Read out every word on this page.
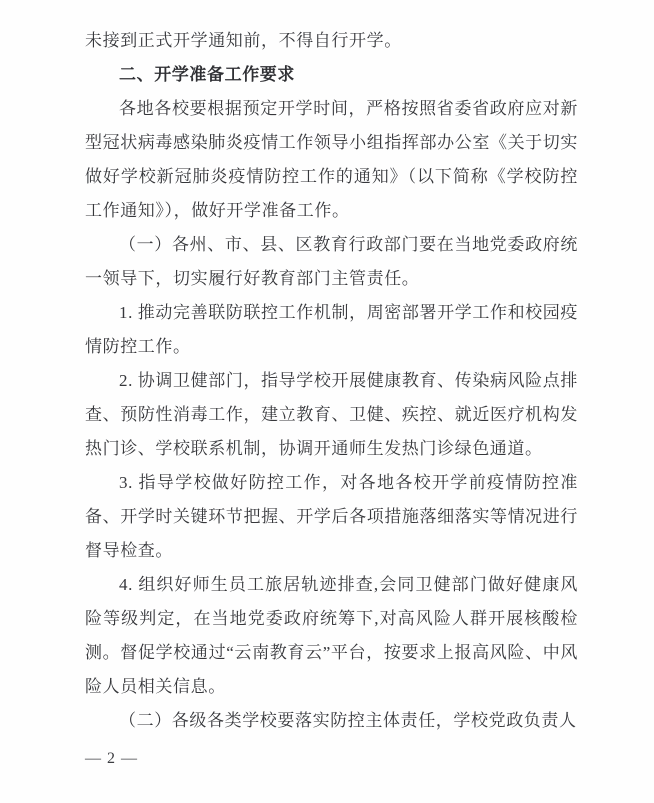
未接到正式开学通知前，不得自行开学。

二、开学准备工作要求

各地各校要根据预定开学时间，严格按照省委省政府应对新型冠状病毒感染肺炎疫情工作领导小组指挥部办公室《关于切实做好学校新冠肺炎疫情防控工作的通知》（以下简称《学校防控工作通知》），做好开学准备工作。

（一）各州、市、县、区教育行政部门要在当地党委政府统一领导下，切实履行好教育部门主管责任。

1. 推动完善联防联控工作机制，周密部署开学工作和校园疫情防控工作。

2. 协调卫健部门，指导学校开展健康教育、传染病风险点排查、预防性消毒工作，建立教育、卫健、疾控、就近医疗机构发热门诊、学校联系机制，协调开通师生发热门诊绿色通道。

3. 指导学校做好防控工作，对各地各校开学前疫情防控准备、开学时关键环节把握、开学后各项措施落细落实等情况进行督导检查。

4. 组织好师生员工旅居轨迹排查,会同卫健部门做好健康风险等级判定，在当地党委政府统筹下,对高风险人群开展核酸检测。督促学校通过“云南教育云”平台，按要求上报高风险、中风险人员相关信息。

（二）各级各类学校要落实防控主体责任，学校党政负责人

— 2 —
